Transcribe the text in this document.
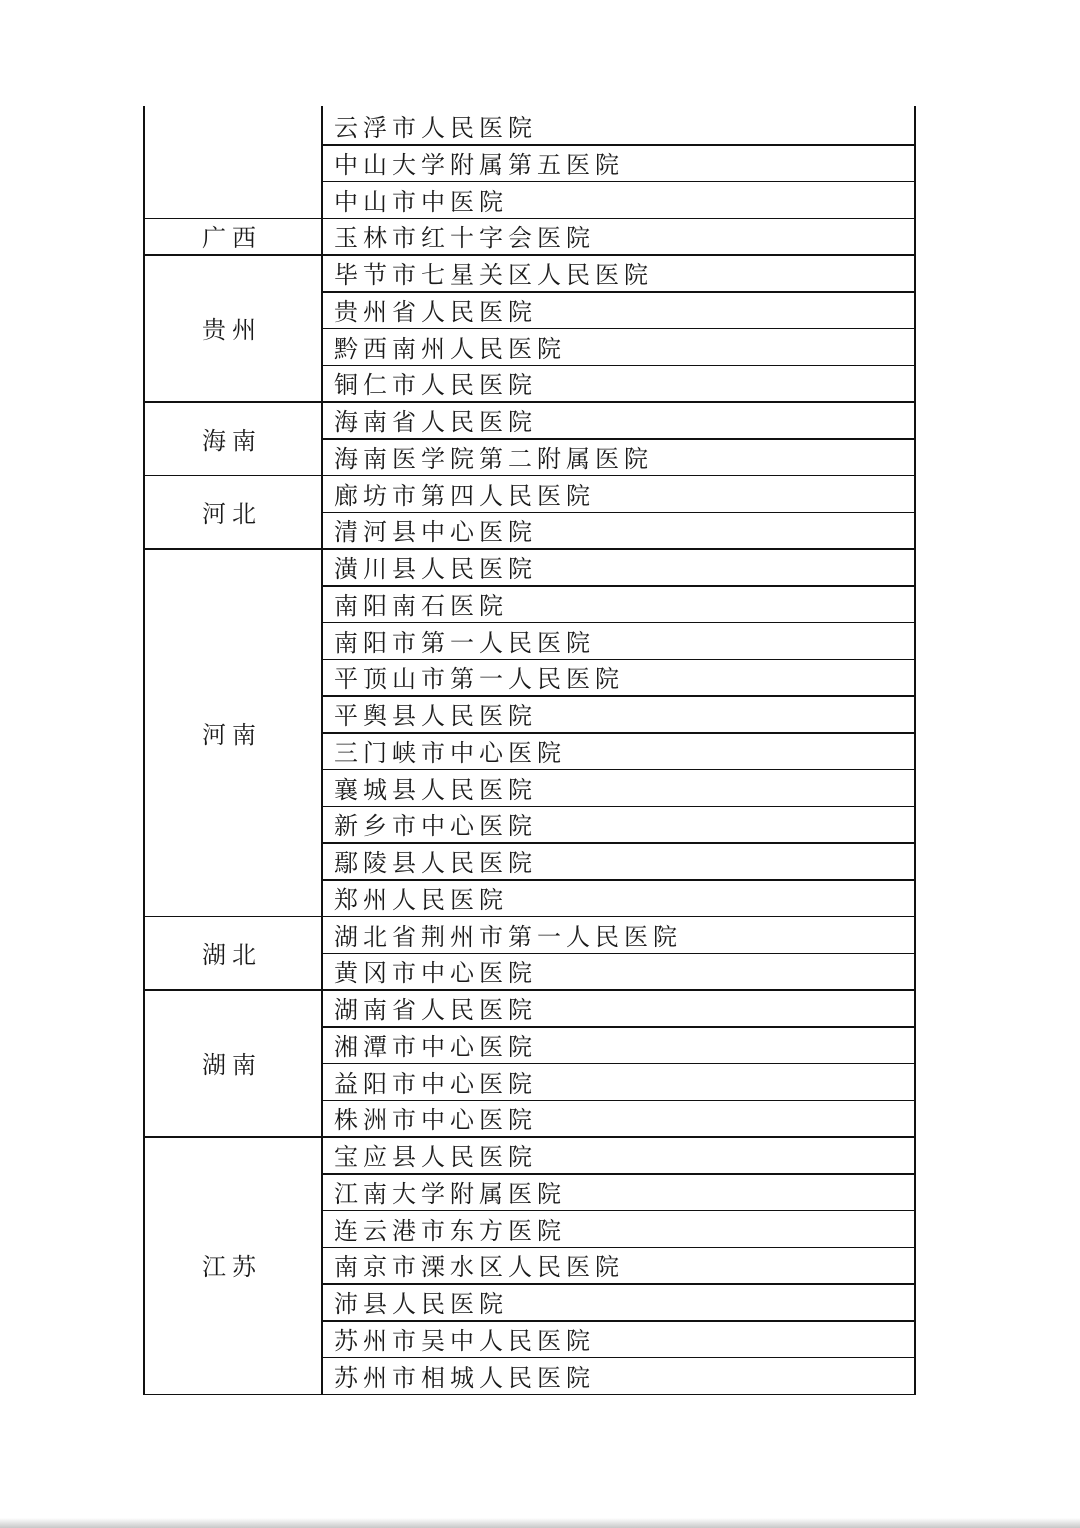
云浮市人民医院
中山大学附属第五医院
中山市中医院
广西	玉林市红十字会医院
贵州
毕节市七星关区人民医院
贵州省人民医院
黔西南州人民医院
铜仁市人民医院
海南
海南省人民医院
海南医学院第二附属医院
河北
廊坊市第四人民医院
清河县中心医院
河南
潢川县人民医院
南阳南石医院
南阳市第一人民医院
平顶山市第一人民医院
平舆县人民医院
三门峡市中心医院
襄城县人民医院
新乡市中心医院
鄢陵县人民医院
郑州人民医院
湖北
湖北省荆州市第一人民医院
黄冈市中心医院
湖南
湖南省人民医院
湘潭市中心医院
益阳市中心医院
株洲市中心医院
江苏
宝应县人民医院
江南大学附属医院
连云港市东方医院
南京市溧水区人民医院
沛县人民医院
苏州市吴中人民医院
苏州市相城人民医院
